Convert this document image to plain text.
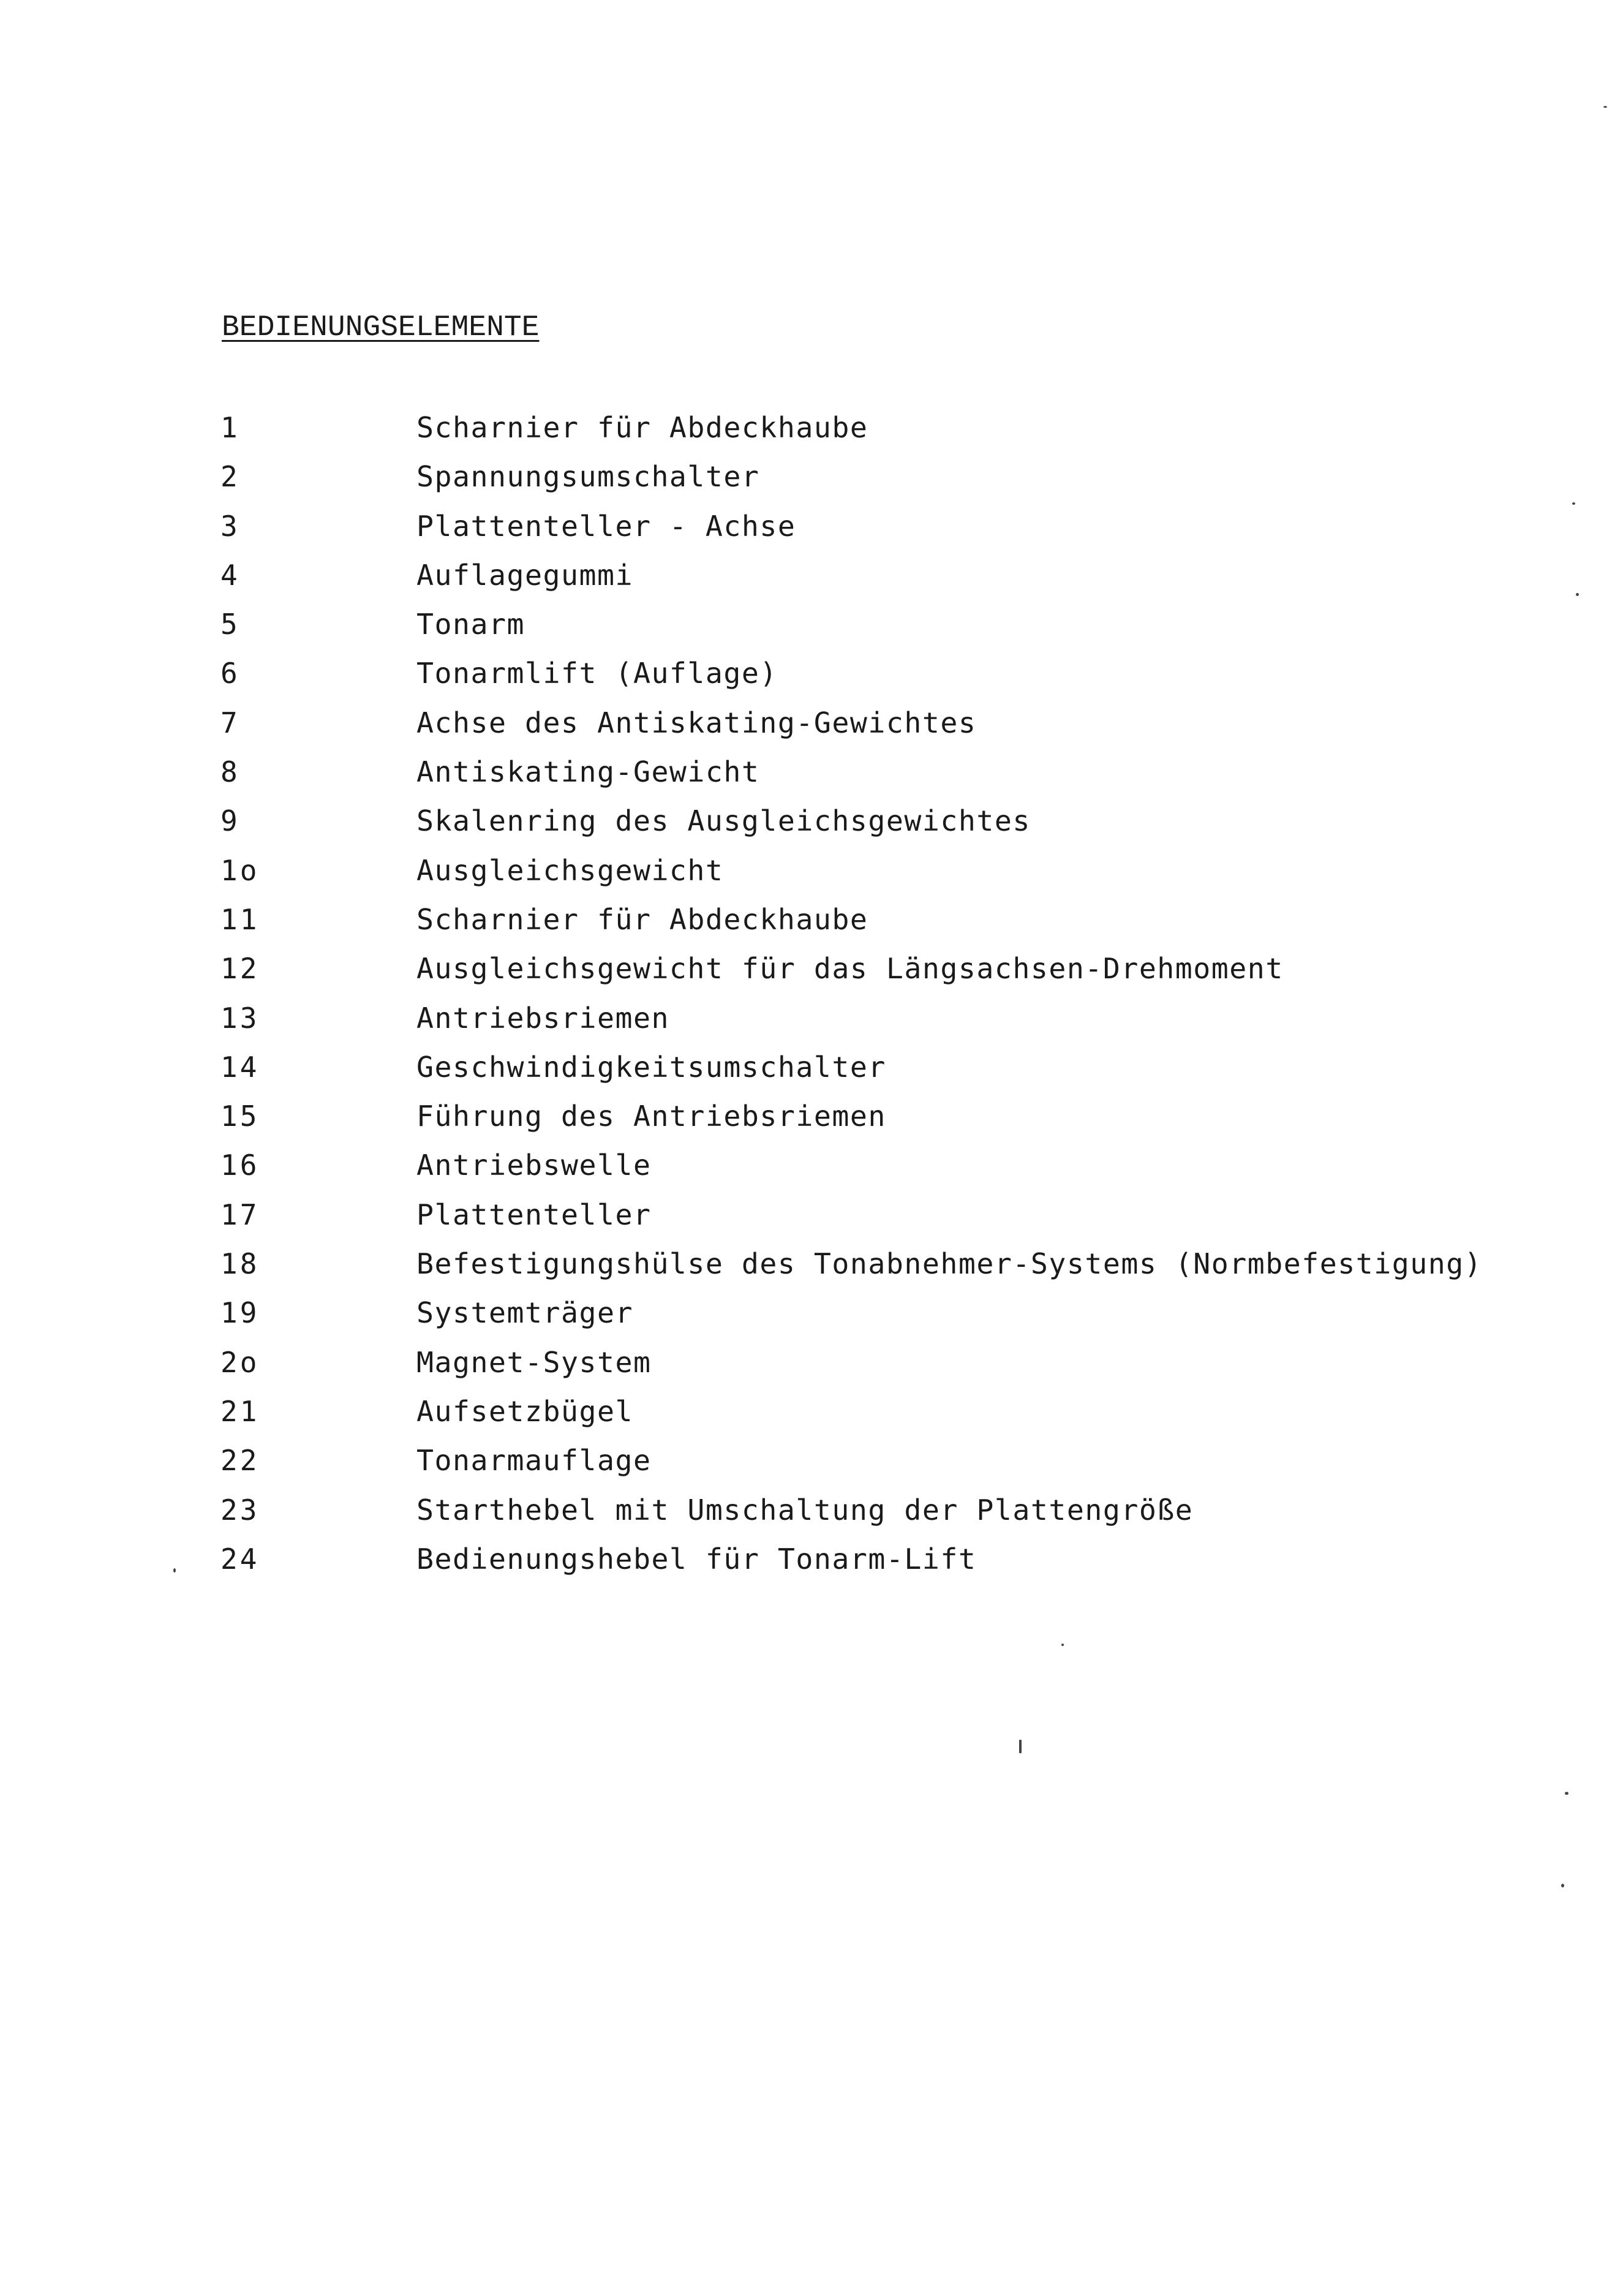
BEDIENUNGSELEMENTE
1	Scharnier für Abdeckhaube
2	Spannungsumschalter
3	Plattenteller - Achse
4	Auflagegummi
5	Tonarm
6	Tonarmlift (Auflage)
7	Achse des Antiskating-Gewichtes
8	Antiskating-Gewicht
9	Skalenring des Ausgleichsgewichtes
1o	Ausgleichsgewicht
11	Scharnier für Abdeckhaube
12	Ausgleichsgewicht für das Längsachsen-Drehmoment
13	Antriebsriemen
14	Geschwindigkeitsumschalter
15	Führung des Antriebsriemen
16	Antriebswelle
17	Plattenteller
18	Befestigungshülse des Tonabnehmer-Systems (Normbefestigung)
19	Systemträger
2o	Magnet-System
21	Aufsetzbügel
22	Tonarmauflage
23	Starthebel mit Umschaltung der Plattengröße
24	Bedienungshebel für Tonarm-Lift
